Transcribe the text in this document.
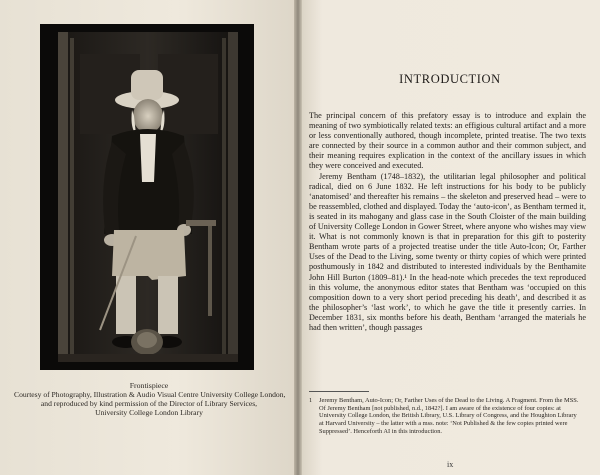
Frontispiece
Courtesy of Photography, Illustration & Audio Visual Centre University College London,
and reproduced by kind permission of the Director of Library Services,
University College London Library
INTRODUCTION

The principal concern of this prefatory essay is to introduce and explain the meaning of two symbiotically related texts: an effigious cultural artifact and a more or less conventionally authored, though incomplete, printed treatise. The two texts are connected by their source in a common author and their common subject, and their meaning requires explication in the context of the ancillary issues in which they were conceived and executed.

Jeremy Bentham (1748–1832), the utilitarian legal philosopher and political radical, died on 6 June 1832. He left instructions for his body to be publicly ‘anatomised’ and thereafter his remains – the skeleton and preserved head – were to be reassembled, clothed and displayed. Today the ‘auto-icon’, as Bentham termed it, is seated in its mahogany and glass case in the South Cloister of the main building of University College London in Gower Street, where anyone who wishes may view it. What is not commonly known is that in preparation for this gift to posterity Bentham wrote parts of a projected treatise under the title Auto-Icon; Or, Farther Uses of the Dead to the Living, some twenty or thirty copies of which were printed posthumously in 1842 and distributed to interested individuals by the Benthamite John Hill Burton (1809–81).¹ In the head-note which precedes the text reproduced in this volume, the anonymous editor states that Bentham was ‘occupied on this composition down to a very short period preceding his death’, and described it as the philosopher’s ‘last work’, to which he gave the title it presently carries. In December 1831, six months before his death, Bentham ‘arranged the materials he had then written’, though passages

1	Jeremy Bentham, Auto-Icon; Or, Farther Uses of the Dead to the Living. A Fragment. From the MSS. Of Jeremy Bentham [not published, n.d., 1842?]. I am aware of the existence of four copies: at University College London, the British Library, U.S. Library of Congress, and the Houghton Library at Harvard University – the latter with a mss. note: ‘Not Published & the few copies printed were Suppressed’. Henceforth AI in this introduction.
ix
